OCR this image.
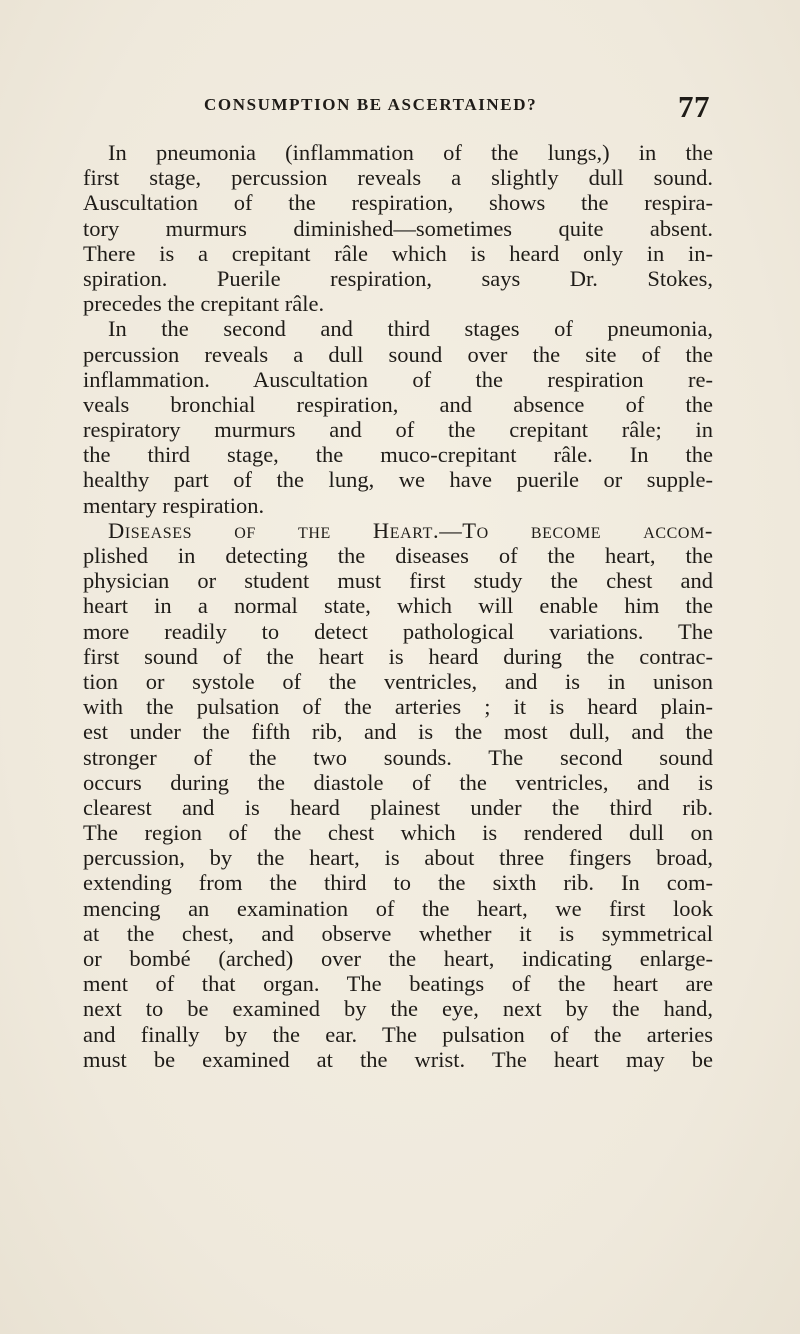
CONSUMPTION BE ASCERTAINED?	77
In pneumonia (inflammation of the lungs,) in the
first stage, percussion reveals a slightly dull sound.
Auscultation of the respiration, shows the respira-
tory murmurs diminished—sometimes quite absent.
There is a crepitant râle which is heard only in in-
spiration. Puerile respiration, says Dr. Stokes,
precedes the crepitant râle.
In the second and third stages of pneumonia,
percussion reveals a dull sound over the site of the
inflammation. Auscultation of the respiration re-
veals bronchial respiration, and absence of the
respiratory murmurs and of the crepitant râle; in
the third stage, the muco-crepitant râle. In the
healthy part of the lung, we have puerile or supple-
mentary respiration.
Diseases of the Heart.—To become accom-
plished in detecting the diseases of the heart, the
physician or student must first study the chest and
heart in a normal state, which will enable him the
more readily to detect pathological variations. The
first sound of the heart is heard during the contrac-
tion or systole of the ventricles, and is in unison
with the pulsation of the arteries ; it is heard plain-
est under the fifth rib, and is the most dull, and the
stronger of the two sounds. The second sound
occurs during the diastole of the ventricles, and is
clearest and is heard plainest under the third rib.
The region of the chest which is rendered dull on
percussion, by the heart, is about three fingers broad,
extending from the third to the sixth rib. In com-
mencing an examination of the heart, we first look
at the chest, and observe whether it is symmetrical
or bombé (arched) over the heart, indicating enlarge-
ment of that organ. The beatings of the heart are
next to be examined by the eye, next by the hand,
and finally by the ear. The pulsation of the arteries
must be examined at the wrist. The heart may be
